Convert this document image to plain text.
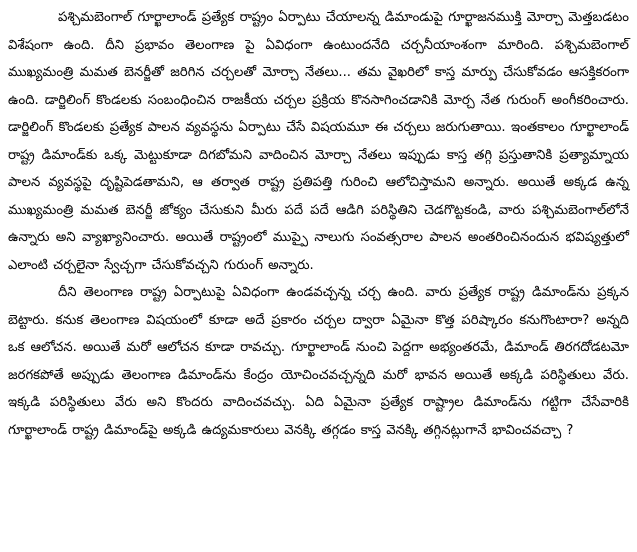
పశ్చిమబెంగాల్ గూర్ఖాలాండ్ ప్రత్యేక రాష్ట్రం ఏర్పాటు చేయాలన్న డిమాండుపై గూర్ఖాజనముక్తి మోర్చా మెత్తబడటం విశేషంగా ఉంది. దీని ప్రభావం తెలంగాణ పై ఏవిధంగా ఉంటుందనేది చర్చనీయాంశంగా మారింది. పశ్చిమబెంగాల్ ముఖ్యమంత్రి మమత బెనర్జీతో జరిగిన చర్చలతో మోర్చా నేతలు... తమ వైఖరిలో కాస్త మార్పు చేసుకోవడం ఆసక్తికరంగా ఉంది. డార్జిలింగ్ కొండలకు సంబంధించిన రాజకీయ చర్చల ప్రక్రియ కొనసాగించడానికి మోర్చ నేత గురుంగ్ అంగీకరించారు. డార్జిలింగ్ కొండలకు ప్రత్యేక పాలన వ్యవస్థను ఏర్పాటు చేసే విషయమూ ఈ చర్చలు జరుగుతాయి. ఇంతకాలం గూర్ఖాలాండ్ రాష్ట్ర డిమాండ్‌కు ఒక్క మెట్టుకూడా దిగబోమని వాదించిన మోర్చా నేతలు ఇప్పుడు కాస్త తగ్గి ప్రస్తుతానికి ప్రత్యామ్నాయ పాలన వ్యవస్థపై దృష్టిపెడతామని, ఆ తర్వాత రాష్ట్ర ప్రతిపత్తి గురించి ఆలోచిస్తామని అన్నారు. అయితే అక్కడ ఉన్న ముఖ్యమంత్రి మమత బెనర్జీ జోక్యం చేసుకుని మీరు పదే పదే ఆడిగి పరిస్థితిని చెడగొట్టకండి, వారు పశ్చిమబెంగాల్‌లోనే ఉన్నారు అని వ్యాఖ్యానించారు. అయితే రాష్ట్రంలో ముప్పై నాలుగు సంవత్సరాల పాలన అంతరించినందున భవిష్యత్తులో ఎలాంటి చర్చలైనా స్వేచ్చగా చేసుకోవచ్చని గురుంగ్ అన్నారు.

దీని తెలంగాణ రాష్ట్ర ఏర్పాటుపై ఏవిధంగా ఉండవచ్చన్న చర్చ ఉంది. వారు ప్రత్యేక రాష్ట్ర డిమాండ్‌ను ప్రక్కన బెట్టారు. కనుక తెలంగాణ విషయంలో కూడా అదే ప్రకారం చర్చల ద్వారా ఏమైనా కొత్త పరిష్కారం కనుగొంటారా? అన్నది ఒక ఆలోచన. అయితే మరో ఆలోచన కూడా రావచ్చు. గూర్ఖాలాండ్ నుంచి పెద్దగా అభ్యంతరమే, డిమాండ్ తిరగదోడటమో జరగకపోతే అప్పుడు తెలంగాణ డిమాండ్‌ను కేంద్రం యోచించవచ్చన్నది మరో భావన అయితే అక్కడి పరిస్థితులు వేరు. ఇక్కడి పరిస్థితులు వేరు అని కొందరు వాదించవచ్చు. ఏది ఏమైనా ప్రత్యేక రాష్ట్రాల డిమాండ్‌ను గట్టిగా చేసేవారికి గూర్ఖాలాండ్ రాష్ట్ర డిమాండ్‌పై అక్కడి ఉద్యమకారులు వెనక్కి తగ్గడం కాస్త వెనక్కి తగ్గినట్లుగానే భావించవచ్చా ?
